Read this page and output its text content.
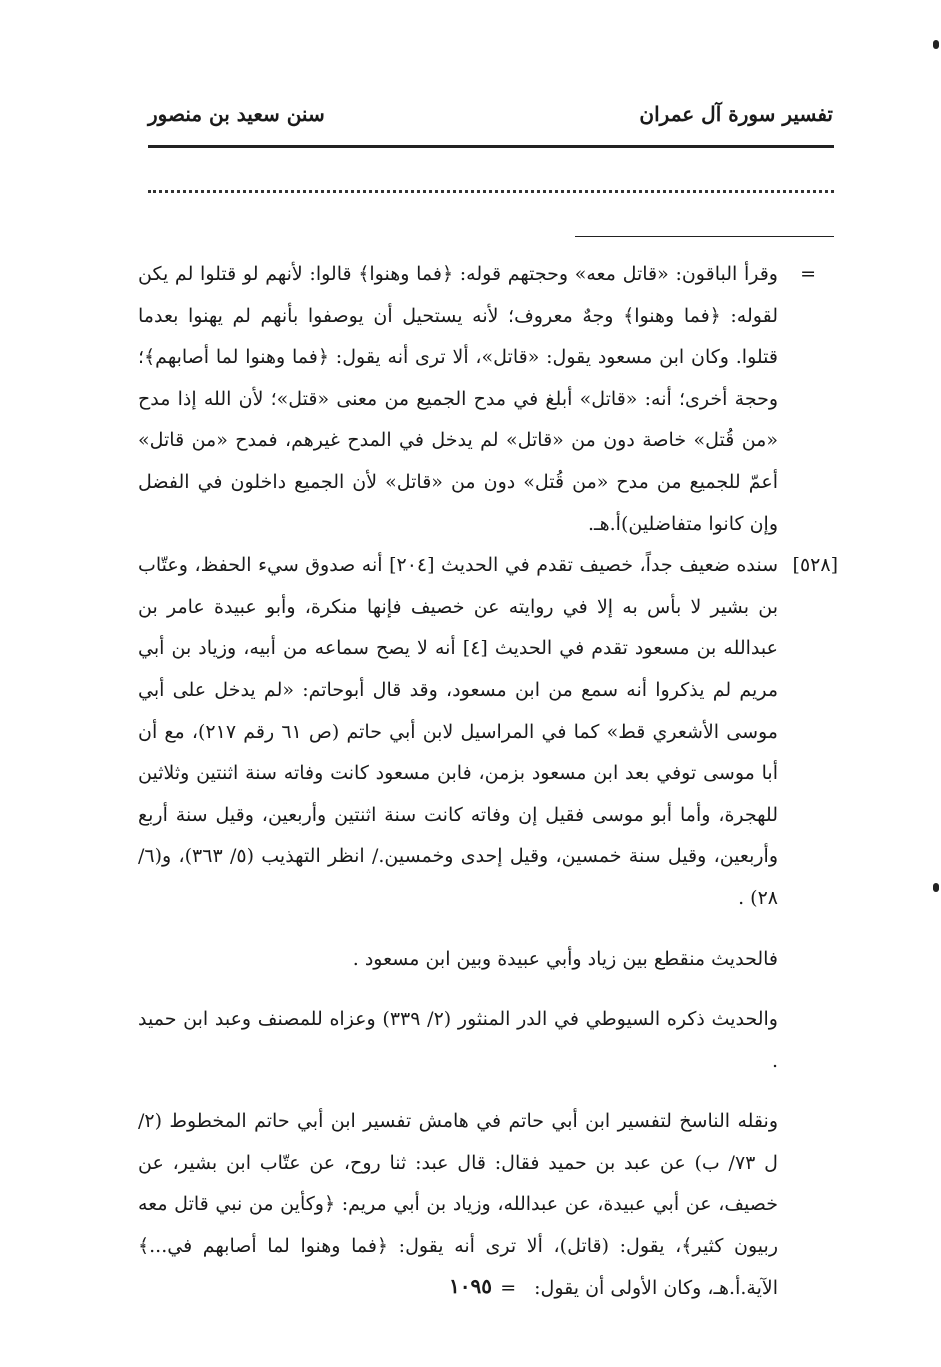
تفسير سورة آل عمران
سنن سعيد بن منصور
=

وقرأ الباقون: «قاتل معه» وحجتهم قوله: ﴿فما وهنوا﴾ قالوا: لأنهم لو قتلوا لم يكن لقوله: ﴿فما وهنوا﴾ وجهٌ معروف؛ لأنه يستحيل أن يوصفوا بأنهم لم يهنوا بعدما قتلوا. وكان ابن مسعود يقول: «قاتل»، ألا ترى أنه يقول: ﴿فما وهنوا لما أصابهم﴾؛ وحجة أخرى؛ أنه: «قاتل» أبلغ في مدح الجميع من معنى «قتل»؛ لأن الله إذا مدح «من قُتل» خاصة دون من «قاتل» لم يدخل في المدح غيرهم، فمدح «من قاتل» أعمّ للجميع من مدح «من قُتل» دون من «قاتل» لأن الجميع داخلون في الفضل وإن كانوا متفاضلين)أ.هـ.

[٥٢٨]

سنده ضعيف جداً، خصيف تقدم في الحديث [٢٠٤] أنه صدوق سيء الحفظ، وعتّاب بن بشير لا بأس به إلا في روايته عن خصيف فإنها منكرة، وأبو عبيدة عامر بن عبدالله بن مسعود تقدم في الحديث [٤] أنه لا يصح سماعه من أبيه، وزياد بن أبي مريم لم يذكروا أنه سمع من ابن مسعود، وقد قال أبوحاتم: «لم يدخل على أبي موسى الأشعري قط» كما في المراسيل لابن أبي حاتم (ص ٦١ رقم ٢١٧)، مع أن أبا موسى توفي بعد ابن مسعود بزمن، فابن مسعود كانت وفاته سنة اثنتين وثلاثين للهجرة، وأما أبو موسى فقيل إن وفاته كانت سنة اثنتين وأربعين، وقيل سنة أربع وأربعين، وقيل سنة خمسين، وقيل إحدى وخمسين./ انظر التهذيب (٥/ ٣٦٣)، و(٦/ ٢٨) .

فالحديث منقطع بين زياد وأبي عبيدة وبين ابن مسعود .

والحديث ذكره السيوطي في الدر المنثور (٢/ ٣٣٩) وعزاه للمصنف وعبد ابن حميد .

ونقله الناسخ لتفسير ابن أبي حاتم في هامش تفسير ابن أبي حاتم المخطوط (٢/ ل ٧٣/ ب) عن عبد بن حميد فقال: قال عبد: ثنا روح، عن عتّاب ابن بشير، عن خصيف، عن أبي عبيدة، عن عبدالله، وزياد بن أبي مريم: ﴿وكأين من نبي قاتل معه ربيون كثير﴾، يقول: (قاتل)، ألا ترى أنه يقول: ﴿فما وهنوا لما أصابهم في...﴾ الآية.أ.هـ، وكان الأولى أن يقول:=

١٠٩٥
